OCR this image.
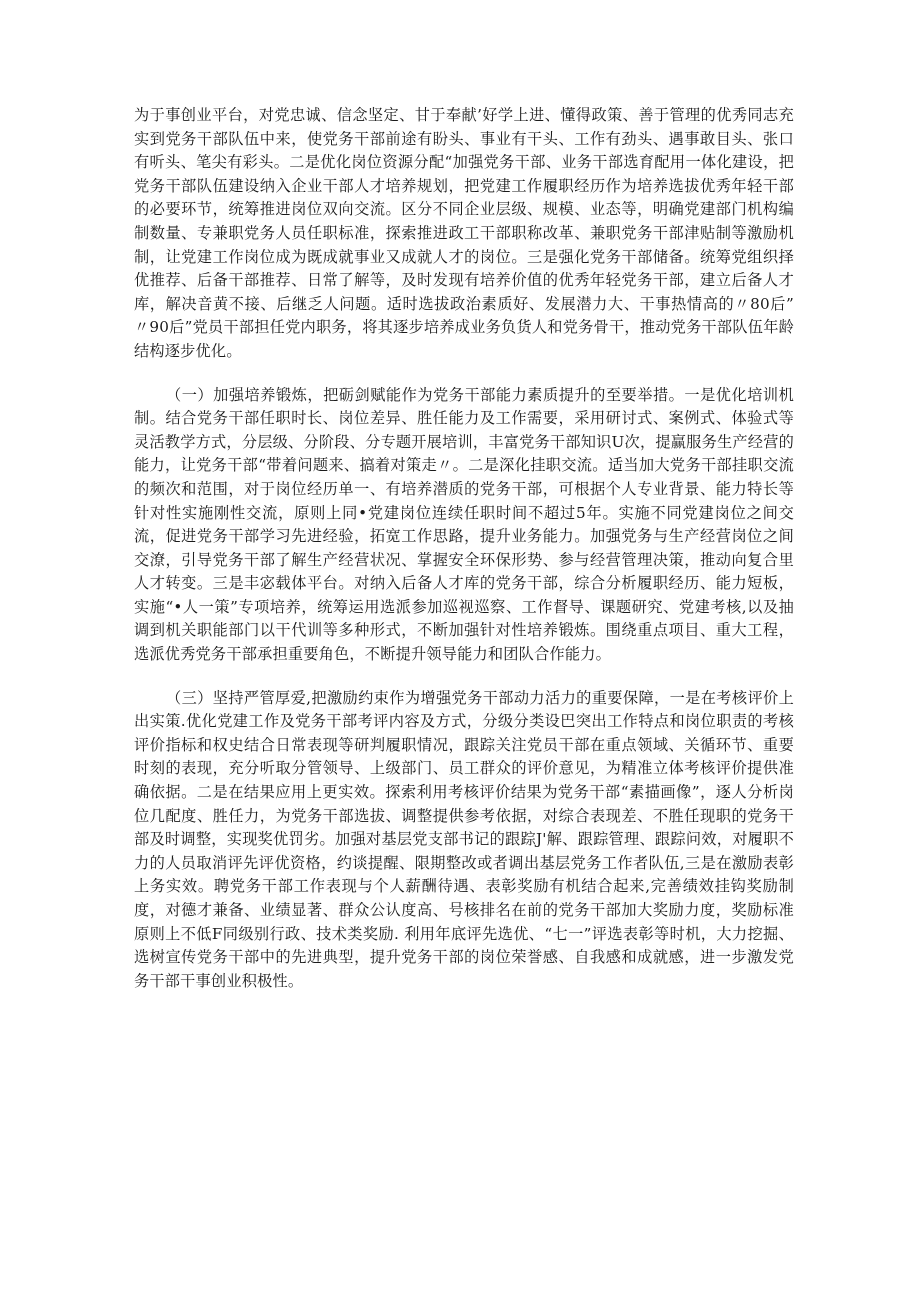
为于事创业平台，对党忠诚、信念坚定、甘于奉献’好学上进、懂得政策、善于管理的优秀同志充实到党务干部队伍中来，使党务干部前途有盼头、事业有干头、工作有劲头、遇事敢目头、张口有听头、笔尖有彩头。二是优化岗位资源分配“加强党务干部、业务干部选育配用一体化建设，把党务干部队伍建设纳入企业干部人才培养规划，把党建工作履职经历作为培养选拔优秀年轻干部的必要环节，统筹推进岗位双向交流。区分不同企业层级、规模、业态等，明确党建部门机构编制数量、专兼职党务人员任职标准，探索推进政工干部职称改革、兼职党务干部津贴制等激励机制，让党建工作岗位成为既成就事业又成就人才的岗位。三是强化党务干部储备。统筹党组织择优推荐、后备干部推荐、日常了解等，及时发现有培养价值的优秀年轻党务干部，建立后备人才库，解决音黄不接、后继乏人问题。适时选拔政治素质好、发展潜力大、干事热情高的〃80后” 〃90后”党员干部担任党内职务，将其逐步培养成业务负货人和党务骨干，推动党务干部队伍年龄结构逐步优化。

（一）加强培养锻炼，把砺剑赋能作为党务干部能力素质提升的至要举措。一是优化培训机制。结合党务干部任职时长、岗位差异、胜任能力及工作需要，采用研讨式、案例式、体验式等灵活教学方式，分层级、分阶段、分专题开展培训，丰富党务干部知识U次，提赢服务生产经营的能力，让党务干部“带着问题来、搞着对策走〃。二是深化挂职交流。适当加大党务干部挂职交流的频次和范围，对于岗位经历单一、有培养潜质的党务干部，可根据个人专业背景、能力特长等针对性实施刚性交流，原则上同•党建岗位连续任职时间不超过5年。实施不同党建岗位之间交流，促进党务干部学习先进经验，拓宽工作思路，提升业务能力。加强党务与生产经营岗位之间交潦，引导党务干部了解生产经营状况、掌握安全环保形势、参与经营管理决策，推动向复合里人才转变。三是丰宓载体平台。对纳入后备人才库的党务干部，综合分析履职经历、能力短板，实施“•人一策”专项培养，统筹运用选派参加巡视巡察、工作督导、课题研究、党建考核,以及抽调到机关职能部门以干代训等多种形式，不断加强针对性培养锻炼。围绕重点项目、重大工程，选派优秀党务干部承担重要角色，不断提升领导能力和团队合作能力。

（三）坚持严管厚爱,把激励约束作为增强党务干部动力活力的重要保障，一是在考核评价上出实策.优化党建工作及党务干部考评内容及方式，分级分类设巴突出工作特点和岗位职责的考核评价指标和权史结合日常表现等研判履职情况，跟踪关注党员干部在重点领域、关循环节、重要时刻的表现，充分听取分管领导、上级部门、员工群众的评价意见，为精准立体考核评价提供准确依据。二是在结果应用上更实效。探索利用考核评价结果为党务干部“素描画像”，逐人分析岗位几配度、胜任力，为党务干部选拔、调整提供参考依据，对综合表现差、不胜任现职的党务干部及时调整，实现奖优罚劣。加强对基层党支部书记的跟踪J'解、跟踪管理、跟踪问效，对履职不力的人员取消评先评优资格，约谈提醒、限期整改或者调出基层党务工作者队伍,三是在激励表彰上务实效。聘党务干部工作表现与个人薪酬待遇、表彰奖励有机结合起来,完善绩效挂钩奖励制度，对德才兼备、业绩显著、群众公认度高、号核排名在前的党务干部加大奖励力度，奖励标准原则上不低F同级别行政、技术类奖励. 利用年底评先选优、“七一”评选表彰等时机，大力挖掘、选树宣传党务干部中的先进典型，提升党务干部的岗位荣誉感、自我感和成就感，进一步激发党务干部干事创业积极性。
